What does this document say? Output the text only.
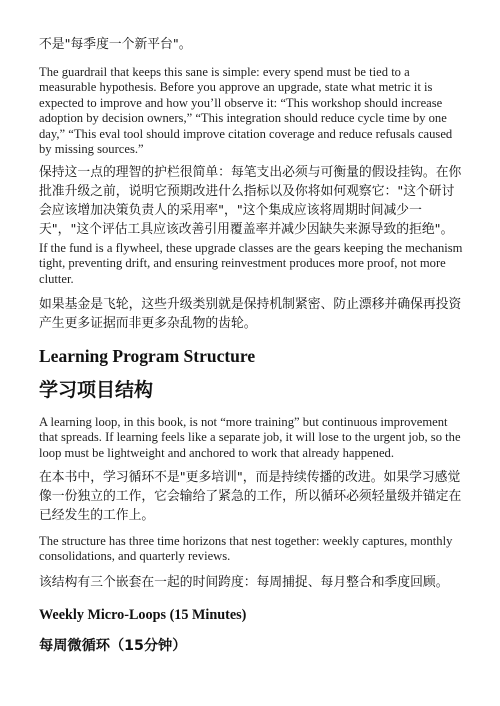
不是"每季度一个新平台"。

The guardrail that keeps this sane is simple: every spend must be tied to a measurable hypothesis. Before you approve an upgrade, state what metric it is expected to improve and how you’ll observe it: “This workshop should increase adoption by decision owners,” “This integration should reduce cycle time by one day,” “This eval tool should improve citation coverage and reduce refusals caused by missing sources.”

保持这一点的理智的护栏很简单：每笔支出必须与可衡量的假设挂钩。在你批准升级之前，说明它预期改进什么指标以及你将如何观察它："这个研讨会应该增加决策负责人的采用率"，"这个集成应该将周期时间减少一天"，"这个评估工具应该改善引用覆盖率并减少因缺失来源导致的拒绝"。

If the fund is a flywheel, these upgrade classes are the gears keeping the mechanism tight, preventing drift, and ensuring reinvestment produces more proof, not more clutter.

如果基金是飞轮，这些升级类别就是保持机制紧密、防止漂移并确保再投资产生更多证据而非更多杂乱物的齿轮。

Learning Program Structure
学习项目结构

A learning loop, in this book, is not “more training” but continuous improvement that spreads. If learning feels like a separate job, it will lose to the urgent job, so the loop must be lightweight and anchored to work that already happened.

在本书中，学习循环不是"更多培训"，而是持续传播的改进。如果学习感觉像一份独立的工作，它会输给了紧急的工作，所以循环必须轻量级并锚定在已经发生的工作上。

The structure has three time horizons that nest together: weekly captures, monthly consolidations, and quarterly reviews.

该结构有三个嵌套在一起的时间跨度：每周捕捉、每月整合和季度回顾。

Weekly Micro-Loops (15 Minutes)
每周微循环（15分钟）
